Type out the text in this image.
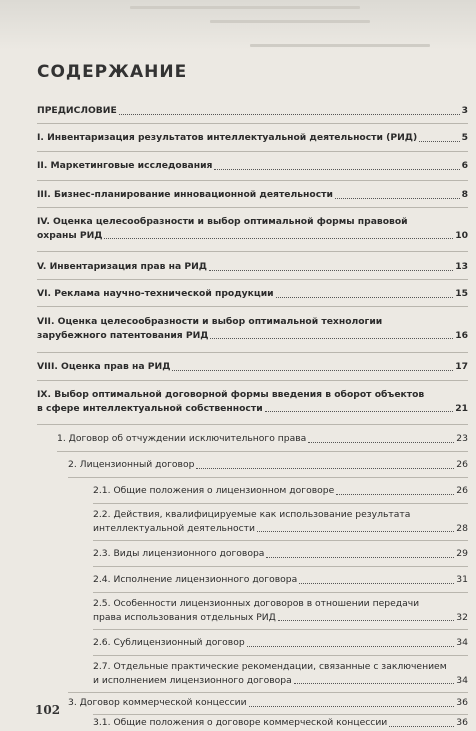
СОДЕРЖАНИЕ
ПРЕДИСЛОВИЕ	3
I. Инвентаризация результатов интеллектуальной деятельности (РИД)	5
II. Маркетинговые исследования	6
III. Бизнес-планирование инновационной деятельности	8
IV. Оценка целесообразности и выбор оптимальной формы правовой
охраны РИД	10
V. Инвентаризация прав на РИД	13
VI. Реклама научно-технической продукции	15
VII. Оценка целесообразности и выбор оптимальной технологии
зарубежного патентования РИД	16
VIII. Оценка прав на РИД	17
IX. Выбор оптимальной договорной формы введения в оборот объектов
в сфере интеллектуальной собственности	21
1. Договор об отчуждении исключительного права	23
2. Лицензионный договор	26
2.1. Общие положения о лицензионном договоре	26
2.2. Действия, квалифицируемые как использование результата
интеллектуальной деятельности	28
2.3. Виды лицензионного договора	29
2.4. Исполнение лицензионного договора	31
2.5. Особенности лицензионных договоров в отношении передачи
права использования отдельных РИД	32
2.6. Сублицензионный договор	34
2.7. Отдельные практические рекомендации, связанные с заключением
и исполнением лицензионного договора	34
3. Договор коммерческой концессии	36
3.1. Общие положения о договоре коммерческой концессии	36
102
